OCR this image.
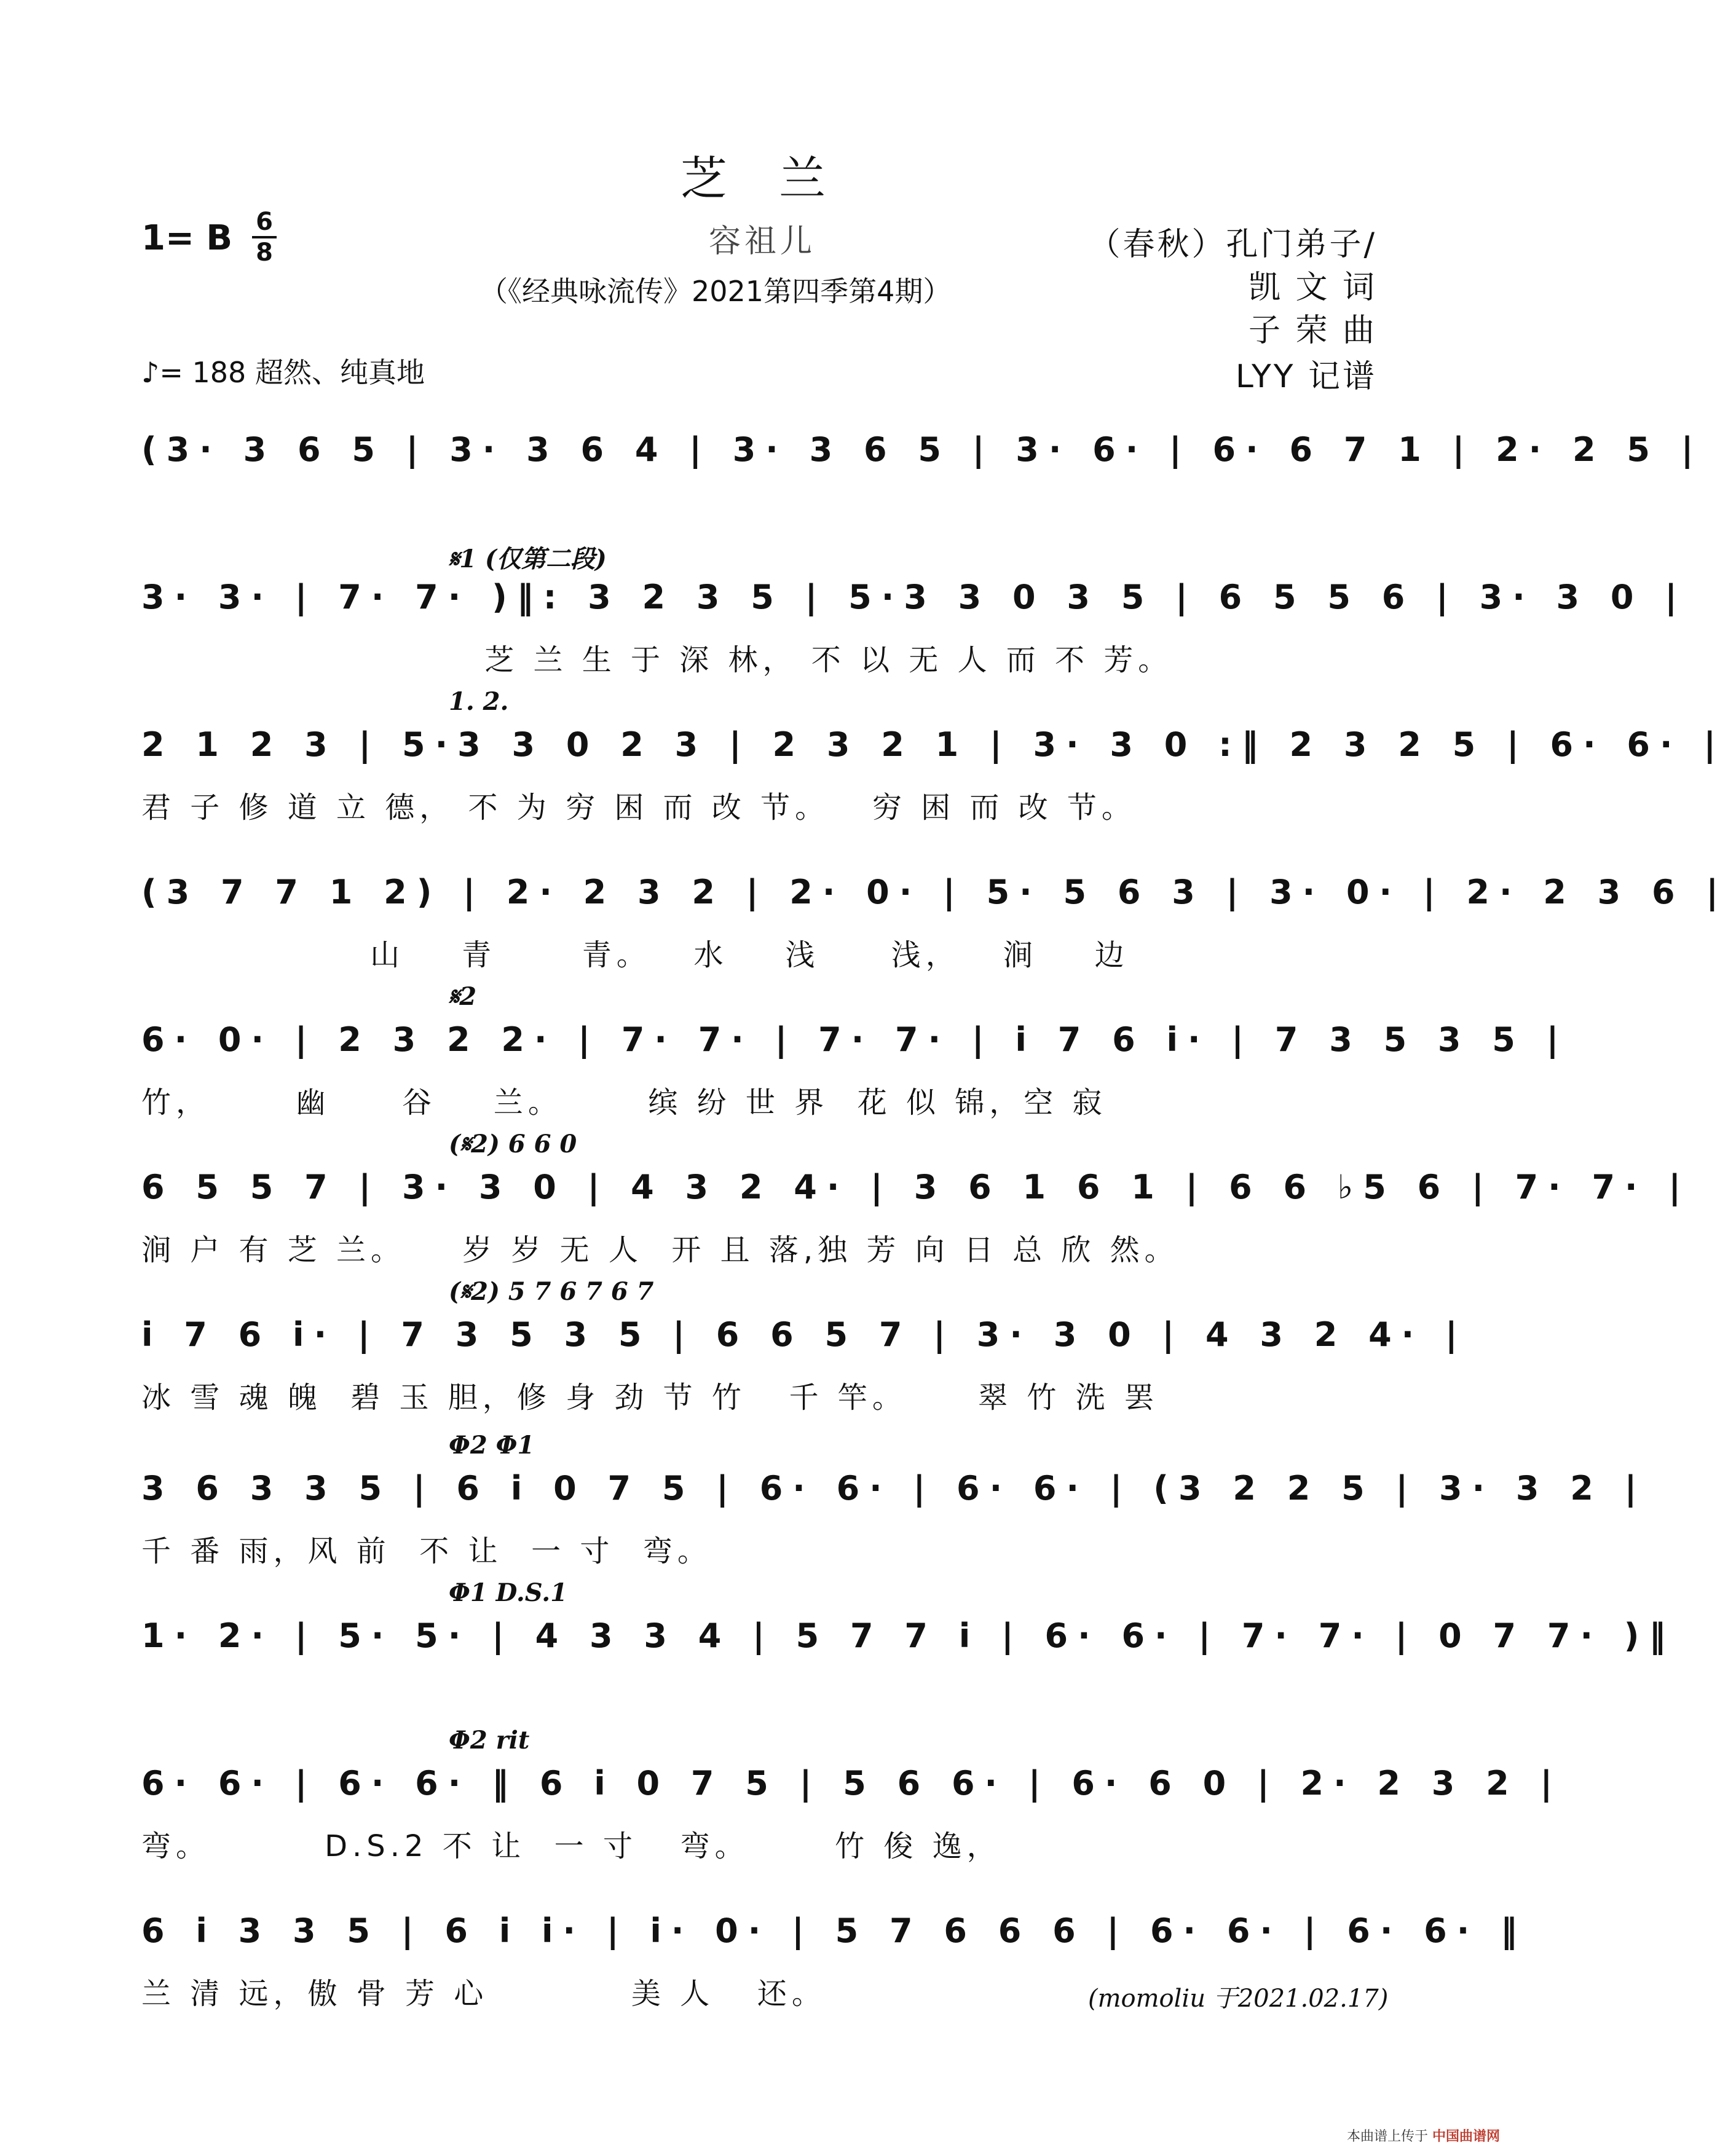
芝 兰
1= B 6
8	容祖儿
（《经典咏流传》2021第四季第4期）
（春秋）孔门弟子/
凯 文 词
子 荣 曲
LYY 记谱
♪= 188 超然、纯真地
(3· 3 6 5 | 3· 3 6 4 | 3· 3 6 5 | 3· 6· | 6· 6 7 1 | 2· 2 5 |
𝄋1 (仅第二段)
3· 3· | 7· 7· )‖: 3 2 3 5 | 5·3 3 0 3 5 | 6 5 5 6 | 3· 3 0 |
芝 兰 生 于 深 林， 不 以 无 人 而 不 芳。
1. 2.
2 1 2 3 | 5·3 3 0 2 3 | 2 3 2 1 | 3· 3 0 :‖ 2 3 2 5 | 6· 6· |
君 子 修 道 立 德， 不 为 穷 困 而 改 节。   穷 困 而 改 节。
(3 7 7 1 2) | 2· 2 3 2 | 2· 0· | 5· 5 6 3 | 3· 0· | 2· 2 3 6 |
山    青      青。   水    浅     浅，   涧    边
𝄋2
6· 0· | 2 3 2 2· | 7· 7· | 7· 7· | i 7 6 i· | 7 3 5 3 5 |
竹，      幽     谷    兰。      缤 纷 世 界  花 似 锦，空 寂
(𝄋2) 6 6 0
6 5 5 7 | 3· 3 0 | 4 3 2 4· | 3 6 1 6 1 | 6 6 ♭5 6 | 7· 7· |
涧 户 有 芝 兰。    岁 岁 无 人  开 且 落,独 芳 向 日 总 欣 然。
(𝄋2) 5 7 6 7 6 7
i 7 6 i· | 7 3 5 3 5 | 6 6 5 7 | 3· 3 0 | 4 3 2 4· |
冰 雪 魂 魄  碧 玉 胆，修 身 劲 节 竹   千 竿。     翠 竹 洗 罢
Φ2 Φ1
3 6 3 3 5 | 6 i 0 7 5 | 6· 6· | 6· 6· | (3 2 2 5 | 3· 3 2 |
千 番 雨，风 前  不 让  一 寸  弯。
Φ1 D.S.1
1· 2· | 5· 5· | 4 3 3 4 | 5 7 7 i | 6· 6· | 7· 7· | 0 7 7· )‖
Φ2 rit
6· 6· | 6· 6· ‖ 6 i 0 7 5 | 5 6 6· | 6· 6 0 | 2· 2 3 2 |
弯。        D.S.2 不 让  一 寸   弯。      竹 俊 逸，
6 i 3 3 5 | 6 i i· | i· 0· | 5 7 6 6 6 | 6· 6· | 6· 6· ‖
兰 清 远，傲 骨 芳 心          美 人   还。	(momoliu 于2021.02.17)
本曲谱上传于 中国曲谱网
